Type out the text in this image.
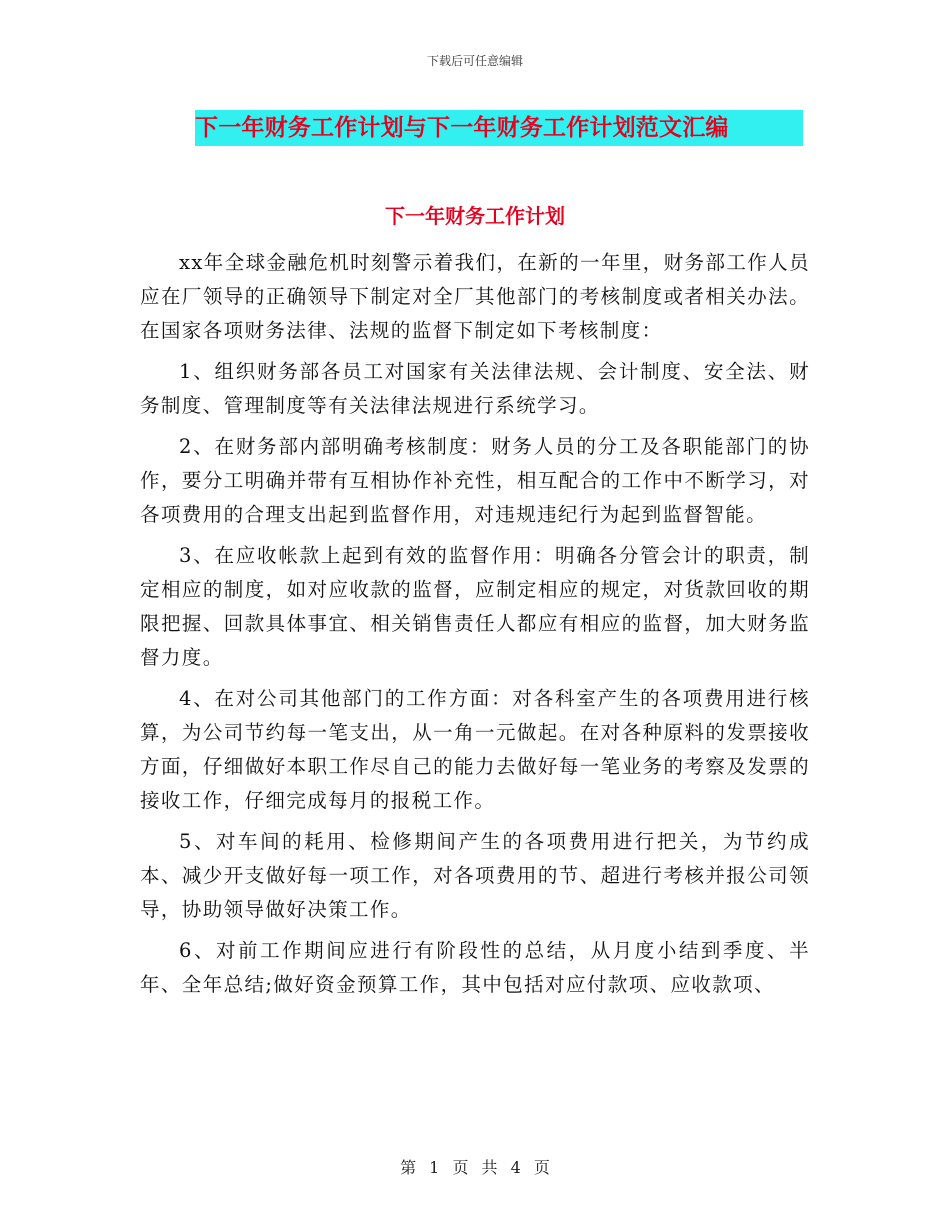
下载后可任意编辑
下一年财务工作计划与下一年财务工作计划范文汇编
下一年财务工作计划

xx年全球金融危机时刻警示着我们，在新的一年里，财务部工作人员应在厂领导的正确领导下制定对全厂其他部门的考核制度或者相关办法。在国家各项财务法律、法规的监督下制定如下考核制度：

1、组织财务部各员工对国家有关法律法规、会计制度、安全法、财务制度、管理制度等有关法律法规进行系统学习。

2、在财务部内部明确考核制度：财务人员的分工及各职能部门的协作，要分工明确并带有互相协作补充性，相互配合的工作中不断学习，对各项费用的合理支出起到监督作用，对违规违纪行为起到监督智能。

3、在应收帐款上起到有效的监督作用：明确各分管会计的职责，制定相应的制度，如对应收款的监督，应制定相应的规定，对货款回收的期限把握、回款具体事宜、相关销售责任人都应有相应的监督，加大财务监督力度。

4、在对公司其他部门的工作方面：对各科室产生的各项费用进行核算，为公司节约每一笔支出，从一角一元做起。在对各种原料的发票接收方面，仔细做好本职工作尽自己的能力去做好每一笔业务的考察及发票的接收工作，仔细完成每月的报税工作。

5、对车间的耗用、检修期间产生的各项费用进行把关，为节约成本、减少开支做好每一项工作，对各项费用的节、超进行考核并报公司领导，协助领导做好决策工作。

6、对前工作期间应进行有阶段性的总结，从月度小结到季度、半年、全年总结;做好资金预算工作，其中包括对应付款项、应收款项、

第 1 页 共 4 页
